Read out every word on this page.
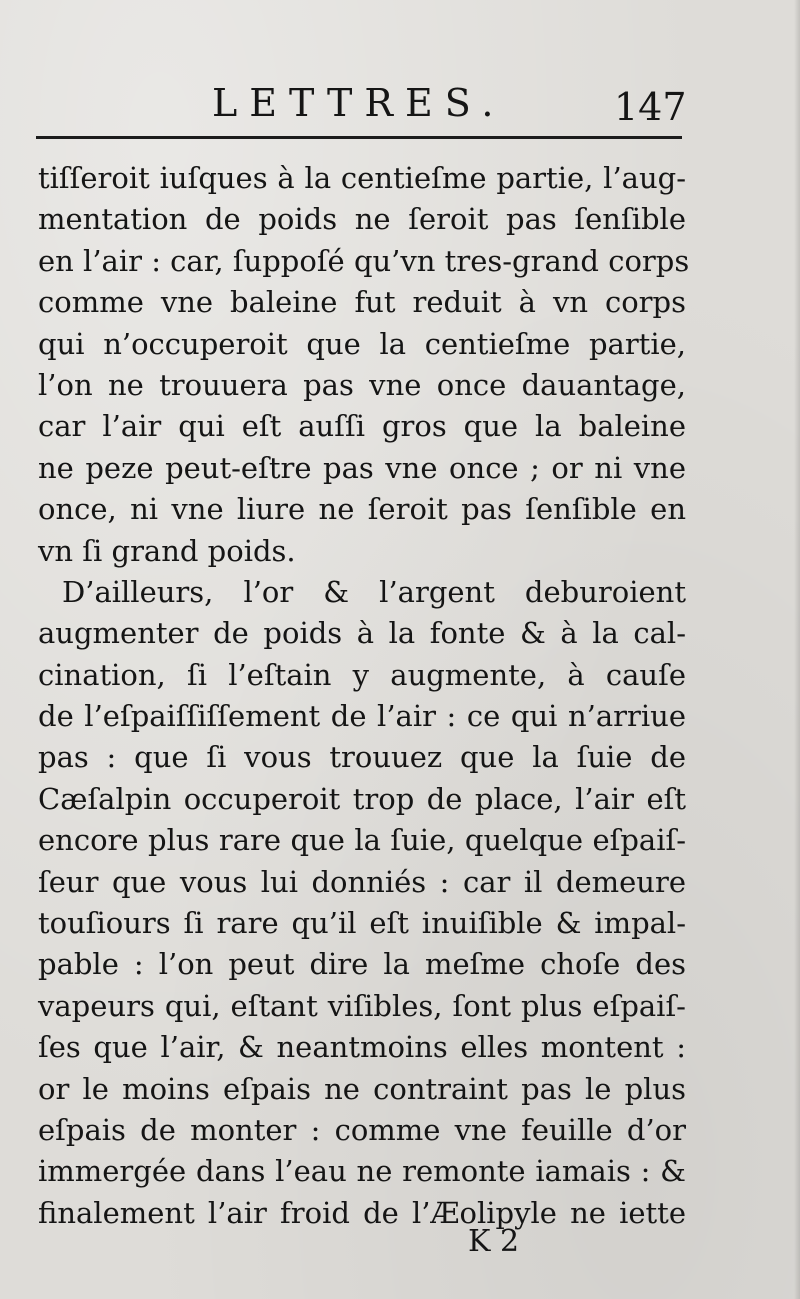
LETTRES.	147
tiſſeroit iuſques à la centieſme partie, l’aug-
mentation de poids ne ſeroit pas ſenſible
en l’air : car, ſuppoſé qu’vn tres-grand corps
comme vne baleine fut reduit à vn corps
qui n’occuperoit que la centieſme partie,
l’on ne trouuera pas vne once dauantage,
car l’air qui eſt auſſi gros que la baleine
ne peze peut-eſtre pas vne once ; or ni vne
once, ni vne liure ne ſeroit pas ſenſible en
vn ſi grand poids.
D’ailleurs, l’or & l’argent deburoient
augmenter de poids à la fonte & à la cal-
cination, ſi l’eſtain y augmente, à cauſe
de l’eſpaiſſiſſement de l’air : ce qui n’arriue
pas : que ſi vous trouuez que la ſuie de
Cæſalpin occuperoit trop de place, l’air eſt
encore plus rare que la ſuie, quelque eſpaiſ-
ſeur que vous lui donniés : car il demeure
touſiours ſi rare qu’il eſt inuiſible & impal-
pable : l’on peut dire la meſme choſe des
vapeurs qui, eſtant viſibles, ſont plus eſpaiſ-
ſes que l’air, & neantmoins elles montent :
or le moins eſpais ne contraint pas le plus
eſpais de monter : comme vne feuille d’or
immergée dans l’eau ne remonte iamais : &
finalement l’air froid de l’Æolipyle ne iette
K 2
